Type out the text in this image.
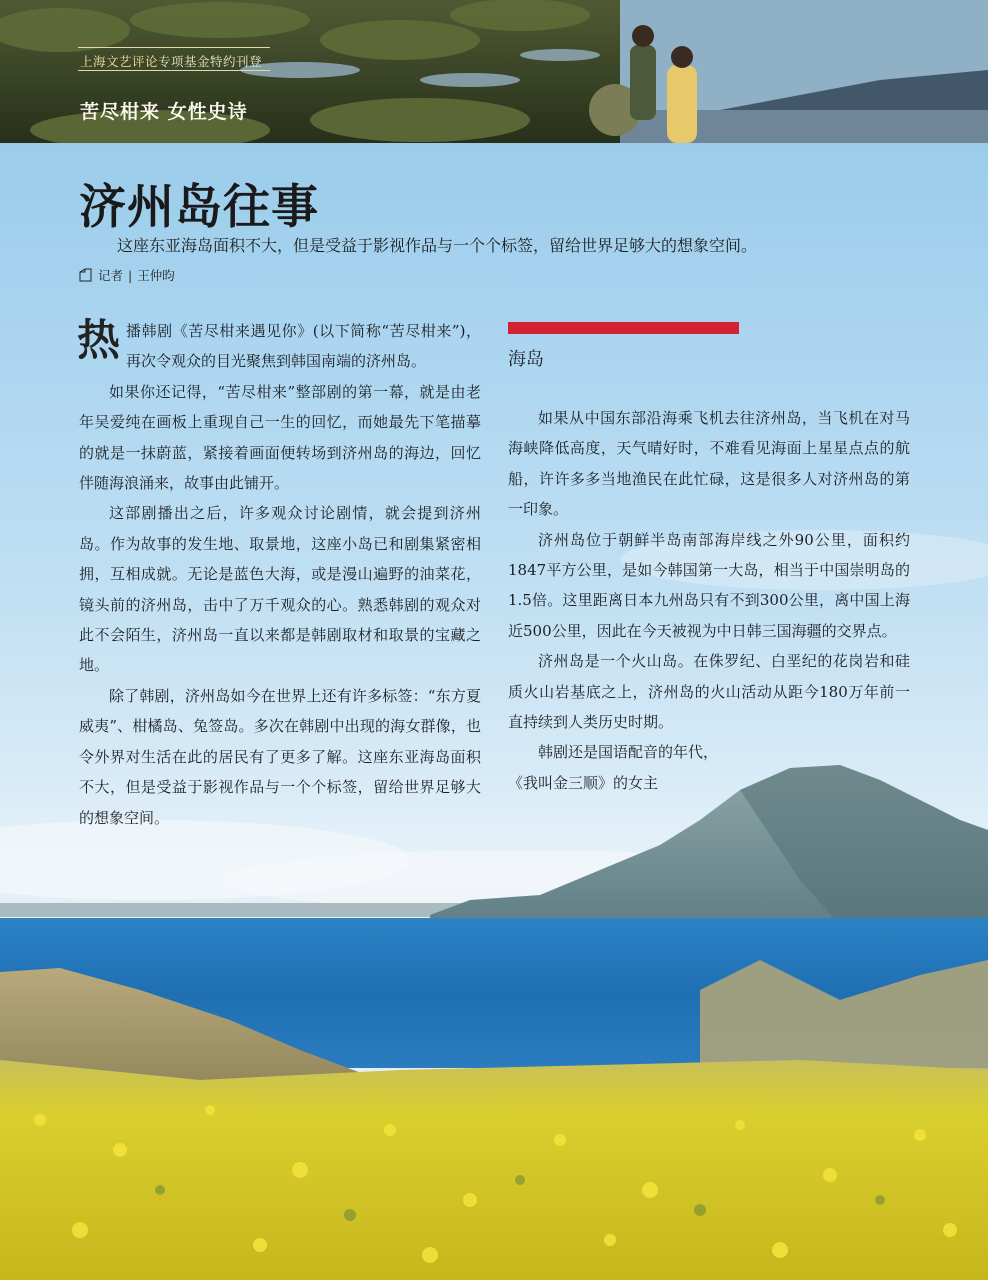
上海文艺评论专项基金特约刊登
苦尽柑来 女性史诗
济州岛往事
这座东亚海岛面积不大，但是受益于影视作品与一个个标签，留给世界足够大的想象空间。
记者 | 王仲昀

热播韩剧《苦尽柑来遇见你》(以下简称“苦尽柑来”)，再次令观众的目光聚焦到韩国南端的济州岛。

如果你还记得，“苦尽柑来”整部剧的第一幕，就是由老年吴爱纯在画板上重现自己一生的回忆，而她最先下笔描摹的就是一抹蔚蓝，紧接着画面便转场到济州岛的海边，回忆伴随海浪涌来，故事由此铺开。

这部剧播出之后，许多观众讨论剧情，就会提到济州岛。作为故事的发生地、取景地，这座小岛已和剧集紧密相拥，互相成就。无论是蓝色大海，或是漫山遍野的油菜花，镜头前的济州岛，击中了万千观众的心。熟悉韩剧的观众对此不会陌生，济州岛一直以来都是韩剧取材和取景的宝藏之地。

除了韩剧，济州岛如今在世界上还有许多标签：“东方夏威夷”、柑橘岛、兔签岛。多次在韩剧中出现的海女群像，也令外界对生活在此的居民有了更多了解。这座东亚海岛面积不大，但是受益于影视作品与一个个标签，留给世界足够大的想象空间。

海岛

如果从中国东部沿海乘飞机去往济州岛，当飞机在对马海峡降低高度，天气晴好时，不难看见海面上星星点点的航船，许许多多当地渔民在此忙碌，这是很多人对济州岛的第一印象。

济州岛位于朝鲜半岛南部海岸线之外90公里，面积约1847平方公里，是如今韩国第一大岛，相当于中国崇明岛的1.5倍。这里距离日本九州岛只有不到300公里，离中国上海近500公里，因此在今天被视为中日韩三国海疆的交界点。

济州岛是一个火山岛。在侏罗纪、白垩纪的花岗岩和硅质火山岩基底之上，济州岛的火山活动从距今180万年前一直持续到人类历史时期。

韩剧还是国语配音的年代，

《我叫金三顺》的女主
